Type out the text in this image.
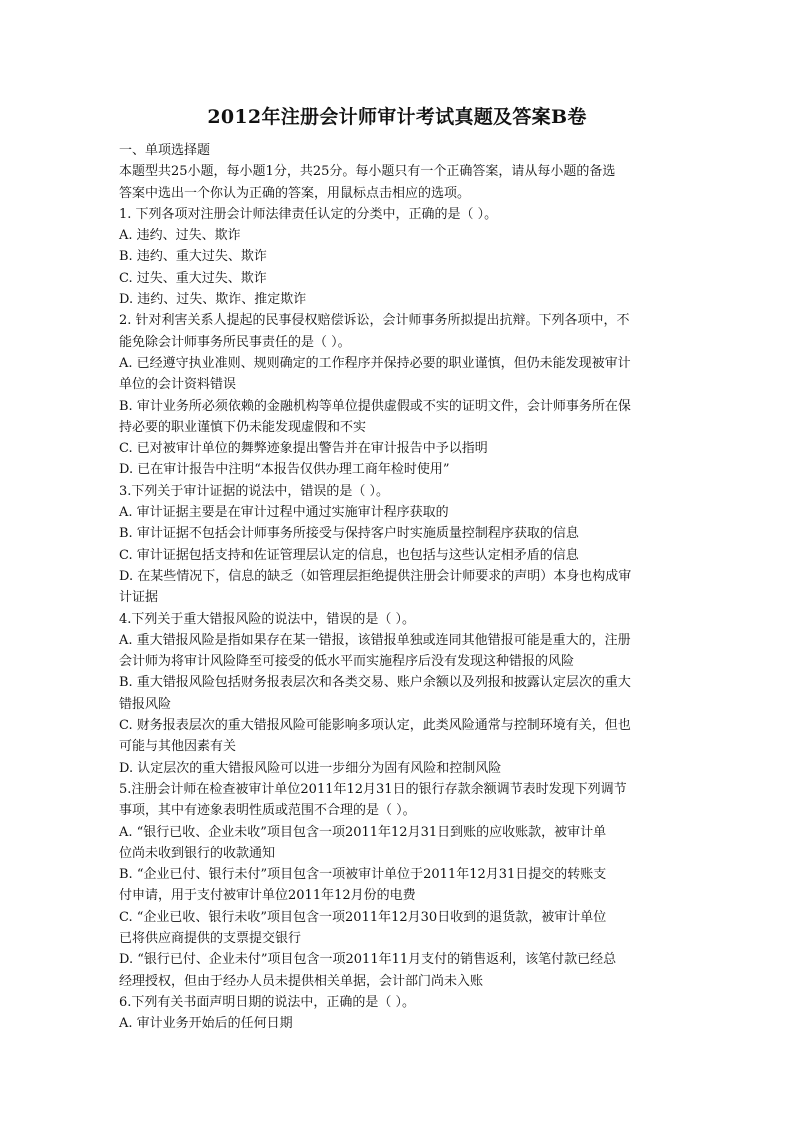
2012年注册会计师审计考试真题及答案B卷
一、单项选择题
本题型共25小题，每小题1分，共25分。每小题只有一个正确答案，请从每小题的备选
答案中选出一个你认为正确的答案，用鼠标点击相应的选项。
1. 下列各项对注册会计师法律责任认定的分类中，正确的是（ ）。
A. 违约、过失、欺诈
B. 违约、重大过失、欺诈
C. 过失、重大过失、欺诈
D. 违约、过失、欺诈、推定欺诈
2. 针对利害关系人提起的民事侵权赔偿诉讼，会计师事务所拟提出抗辩。下列各项中，不
能免除会计师事务所民事责任的是（ ）。
A. 已经遵守执业准则、规则确定的工作程序并保持必要的职业谨慎，但仍未能发现被审计
单位的会计资料错误
B. 审计业务所必须依赖的金融机构等单位提供虚假或不实的证明文件，会计师事务所在保
持必要的职业谨慎下仍未能发现虚假和不实
C. 已对被审计单位的舞弊迹象提出警告并在审计报告中予以指明
D. 已在审计报告中注明“本报告仅供办理工商年检时使用”
3.下列关于审计证据的说法中，错误的是（ ）。
A. 审计证据主要是在审计过程中通过实施审计程序获取的
B. 审计证据不包括会计师事务所接受与保持客户时实施质量控制程序获取的信息
C. 审计证据包括支持和佐证管理层认定的信息，也包括与这些认定相矛盾的信息
D. 在某些情况下，信息的缺乏（如管理层拒绝提供注册会计师要求的声明）本身也构成审
计证据
4.下列关于重大错报风险的说法中，错误的是（ ）。
A. 重大错报风险是指如果存在某一错报，该错报单独或连同其他错报可能是重大的，注册
会计师为将审计风险降至可接受的低水平而实施程序后没有发现这种错报的风险
B. 重大错报风险包括财务报表层次和各类交易、账户余额以及列报和披露认定层次的重大
错报风险
C. 财务报表层次的重大错报风险可能影响多项认定，此类风险通常与控制环境有关，但也
可能与其他因素有关
D. 认定层次的重大错报风险可以进一步细分为固有风险和控制风险
5.注册会计师在检查被审计单位2011年12月31日的银行存款余额调节表时发现下列调节
事项，其中有迹象表明性质或范围不合理的是（ ）。
A. “银行已收、企业未收”项目包含一项2011年12月31日到账的应收账款，被审计单
位尚未收到银行的收款通知
B. “企业已付、银行未付”项目包含一项被审计单位于2011年12月31日提交的转账支
付申请，用于支付被审计单位2011年12月份的电费
C. “企业已收、银行未收”项目包含一项2011年12月30日收到的退货款，被审计单位
已将供应商提供的支票提交银行
D. “银行已付、企业未付”项目包含一项2011年11月支付的销售返利，该笔付款已经总
经理授权，但由于经办人员未提供相关单据，会计部门尚未入账
6.下列有关书面声明日期的说法中，正确的是（ ）。
A. 审计业务开始后的任何日期
